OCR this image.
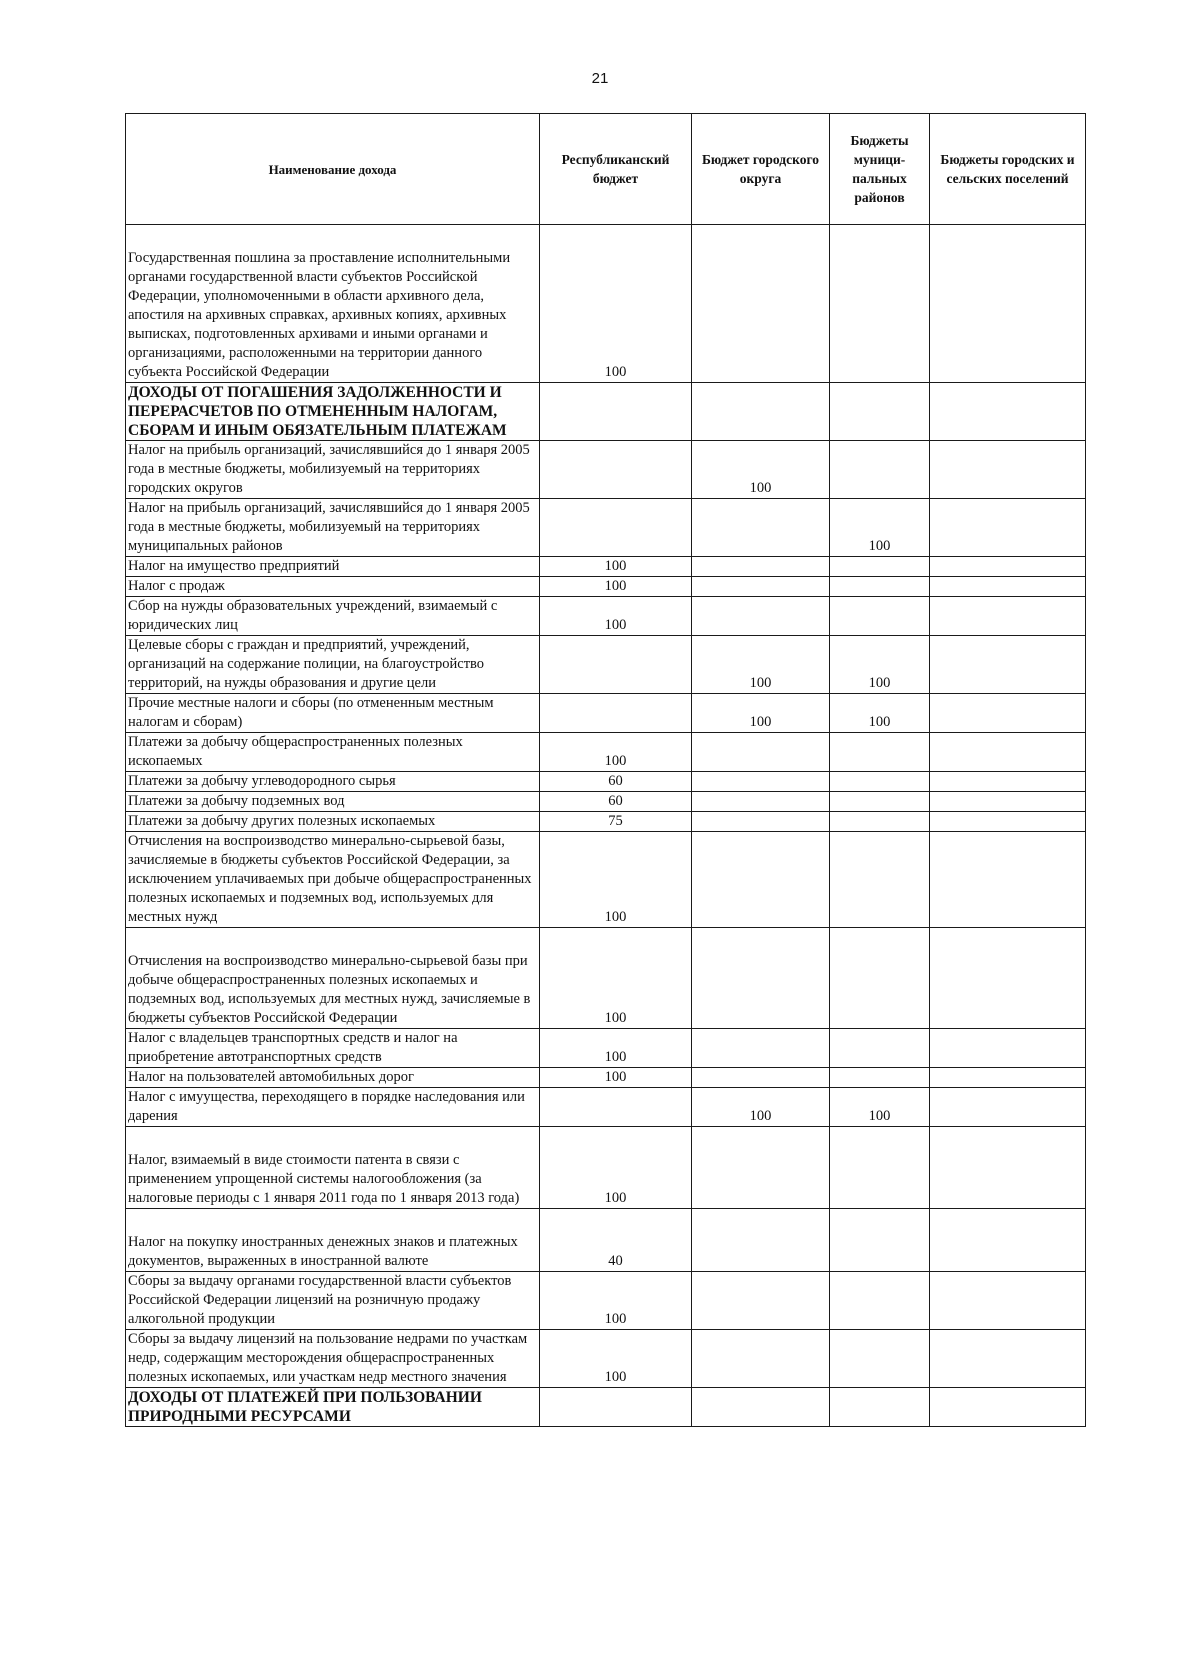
21
Наименование дохода	Республиканский бюджет	Бюджет городского округа	Бюджеты муници-пальных районов	Бюджеты городских и сельских поселений
Государственная пошлина за проставление исполнительными органами государственной власти субъектов Российской Федерации, уполномоченными в области архивного дела, апостиля на архивных справках, архивных копиях, архивных выписках, подготовленных архивами и иными органами и организациями, расположенными на территории данного субъекта Российской Федерации	100			
ДОХОДЫ ОТ ПОГАШЕНИЯ ЗАДОЛЖЕННОСТИ И ПЕРЕРАСЧЕТОВ ПО ОТМЕНЕННЫМ НАЛОГАМ, СБОРАМ И ИНЫМ ОБЯЗАТЕЛЬНЫМ ПЛАТЕЖАМ				
Налог на прибыль организаций, зачислявшийся до 1 января 2005 года в местные бюджеты, мобилизуемый на территориях городских округов		100		
Налог на прибыль организаций, зачислявшийся до 1 января 2005 года в местные бюджеты, мобилизуемый на территориях муниципальных районов			100	
Налог на имущество предприятий	100			
Налог с продаж	100			
Сбор на нужды образовательных учреждений, взимаемый с юридических лиц	100			
Целевые сборы с граждан и предприятий, учреждений, организаций на содержание полиции, на благоустройство территорий, на нужды образования и другие цели		100	100	
Прочие местные налоги и сборы (по отмененным местным налогам и сборам)		100	100	
Платежи за добычу общераспространенных полезных ископаемых	100			
Платежи за добычу углеводородного сырья	60			
Платежи за добычу подземных вод	60			
Платежи за добычу других полезных ископаемых	75			
Отчисления на воспроизводство минерально-сырьевой базы, зачисляемые в бюджеты субъектов Российской Федерации, за исключением уплачиваемых при добыче общераспространенных полезных ископаемых и подземных вод, используемых для местных нужд	100			
Отчисления на воспроизводство минерально-сырьевой базы при добыче общераспространенных полезных ископаемых и подземных вод, используемых для местных нужд, зачисляемые в бюджеты субъектов Российской Федерации	100			
Налог с владельцев транспортных средств и налог на приобретение автотранспортных средств	100			
Налог на пользователей автомобильных дорог	100			
Налог с имуущества, переходящего в порядке наследования или дарения		100	100	
Налог, взимаемый в виде стоимости патента в связи с применением упрощенной системы налогообложения (за налоговые периоды с 1 января 2011 года по 1 января 2013 года)	100			
Налог на покупку иностранных денежных знаков и платежных документов, выраженных в иностранной валюте	40			
Сборы за выдачу органами государственной власти субъектов Российской Федерации лицензий на розничную продажу алкогольной продукции	100			
Сборы за выдачу лицензий на пользование недрами по участкам недр, содержащим месторождения общераспространенных полезных ископаемых, или участкам недр местного значения	100			
ДОХОДЫ ОТ ПЛАТЕЖЕЙ ПРИ ПОЛЬЗОВАНИИ ПРИРОДНЫМИ РЕСУРСАМИ				
